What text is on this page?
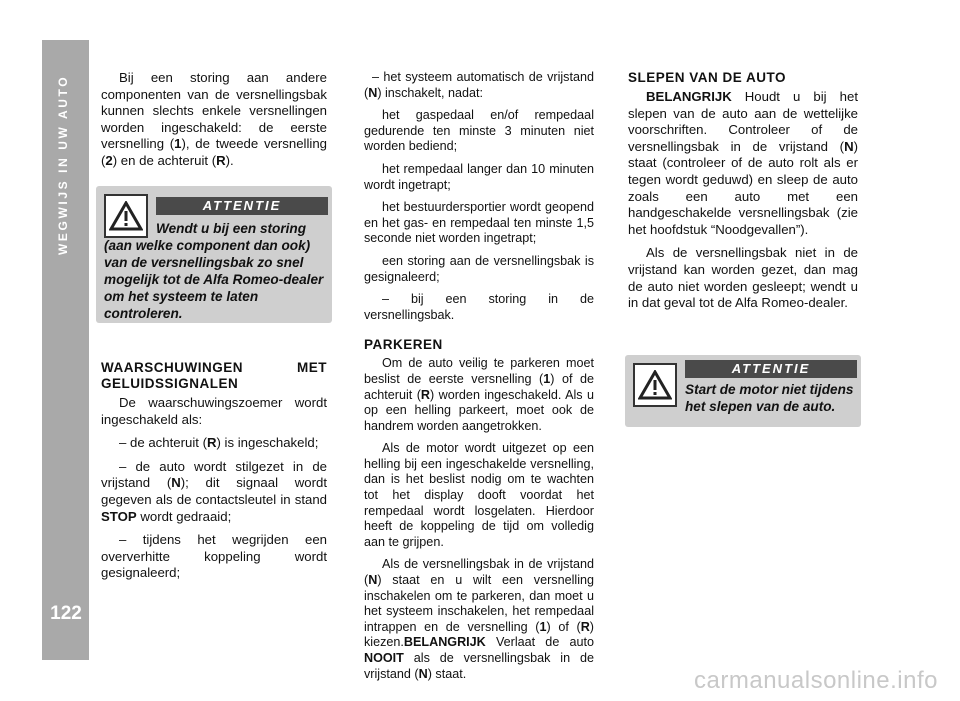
WEGWIJS IN UW AUTO
122

Bij een storing aan andere componenten van de versnellingsbak kunnen slechts enkele versnellingen worden ingeschakeld: de eerste versnelling (1), de tweede versnelling (2) en de achteruit (R).

ATTENTIE
Wendt u bij een storing (aan welke component dan ook) van de versnellingsbak zo snel mogelijk tot de Alfa Romeo-dealer om het systeem te laten controleren.
WAARSCHUWINGEN MET GELUIDSSIGNALEN

De waarschuwingszoemer wordt ingeschakeld als:

– de achteruit (R) is ingeschakeld;

– de auto wordt stilgezet in de vrijstand (N); dit signaal wordt gegeven als de contactsleutel in stand STOP wordt gedraaid;

– tijdens het wegrijden een oververhitte koppeling wordt gesignaleerd;

– het systeem automatisch de vrijstand (N) inschakelt, nadat:

het gaspedaal en/of rempedaal gedurende ten minste 3 minuten niet worden bediend;

het rempedaal langer dan 10 minuten wordt ingetrapt;

het bestuurdersportier wordt geopend en het gas- en rempedaal ten minste 1,5 seconde niet worden ingetrapt;

een storing aan de versnellingsbak is gesignaleerd;

– bij een storing in de versnellingsbak.

PARKEREN

Om de auto veilig te parkeren moet beslist de eerste versnelling (1) of de achteruit (R) worden ingeschakeld. Als u op een helling parkeert, moet ook de handrem worden aangetrokken.

Als de motor wordt uitgezet op een helling bij een ingeschakelde versnelling, dan is het beslist nodig om te wachten tot het display dooft voordat het rempedaal wordt losgelaten. Hierdoor heeft de koppeling de tijd om volledig aan te grijpen.

Als de versnellingsbak in de vrijstand (N) staat en u wilt een versnelling inschakelen om te parkeren, dan moet u het systeem inschakelen, het rempedaal intrappen en de versnelling (1) of (R) kiezen.BELANGRIJK Verlaat de auto NOOIT als de versnellingsbak in de vrijstand (N) staat.

SLEPEN VAN DE AUTO

BELANGRIJK Houdt u bij het slepen van de auto aan de wettelijke voorschriften. Controleer of de versnellingsbak in de vrijstand (N) staat (controleer of de auto rolt als er tegen wordt geduwd) en sleep de auto zoals een auto met een handgeschakelde versnellingsbak (zie het hoofdstuk “Noodgevallen”).

Als de versnellingsbak niet in de vrijstand kan worden gezet, dan mag de auto niet worden gesleept; wendt u in dat geval tot de Alfa Romeo-dealer.

ATTENTIE
Start de motor niet tijdens het slepen van de auto.
carmanualsonline.info
